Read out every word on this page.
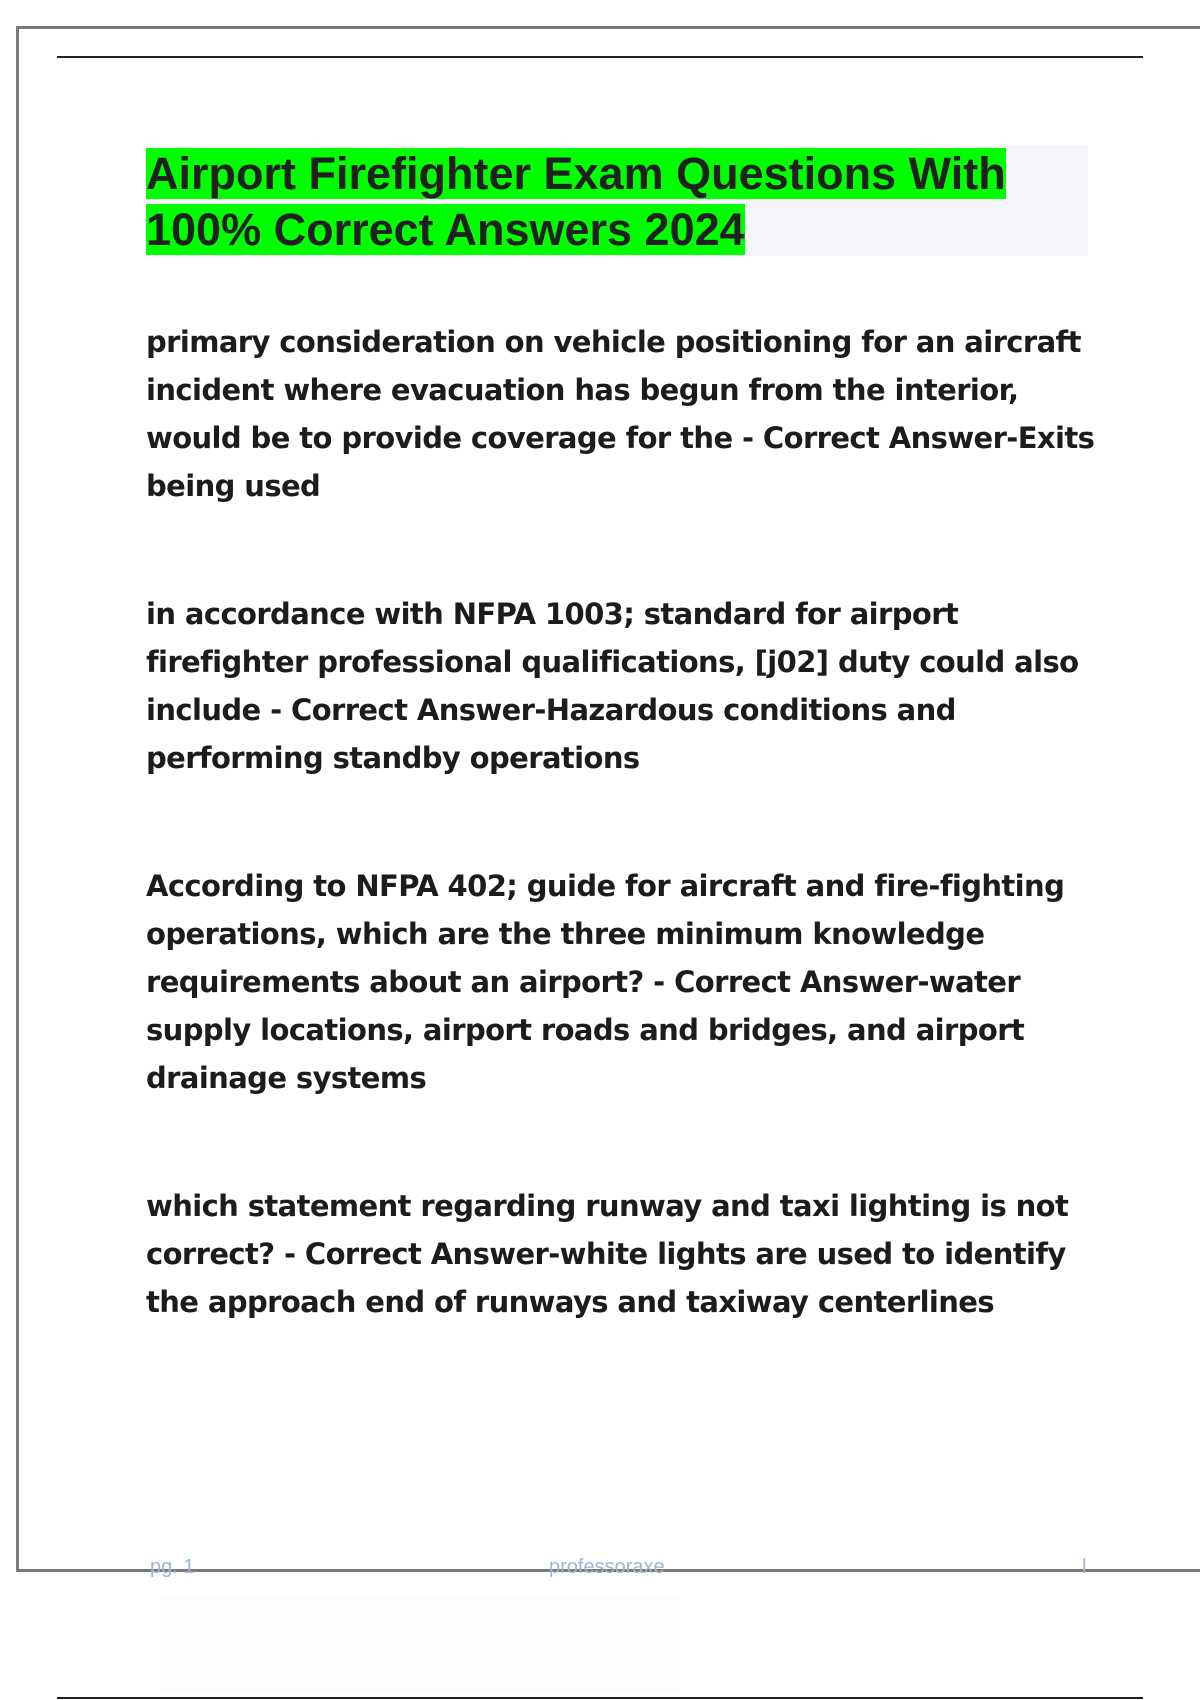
Airport Firefighter Exam Questions With 100% Correct Answers 2024

primary consideration on vehicle positioning for an aircraft incident where evacuation has begun from the interior, would be to provide coverage for the - Correct Answer-Exits being used

in accordance with NFPA 1003; standard for airport firefighter professional qualifications, [j02] duty could also include - Correct Answer-Hazardous conditions and performing standby operations

According to NFPA 402; guide for aircraft and fire-fighting operations, which are the three minimum knowledge requirements about an airport? - Correct Answer-water supply locations, airport roads and bridges, and airport drainage systems

which statement regarding runway and taxi lighting is not correct? - Correct Answer-white lights are used to identify the approach end of runways and taxiway centerlines

pg. 1	professoraxe	l
